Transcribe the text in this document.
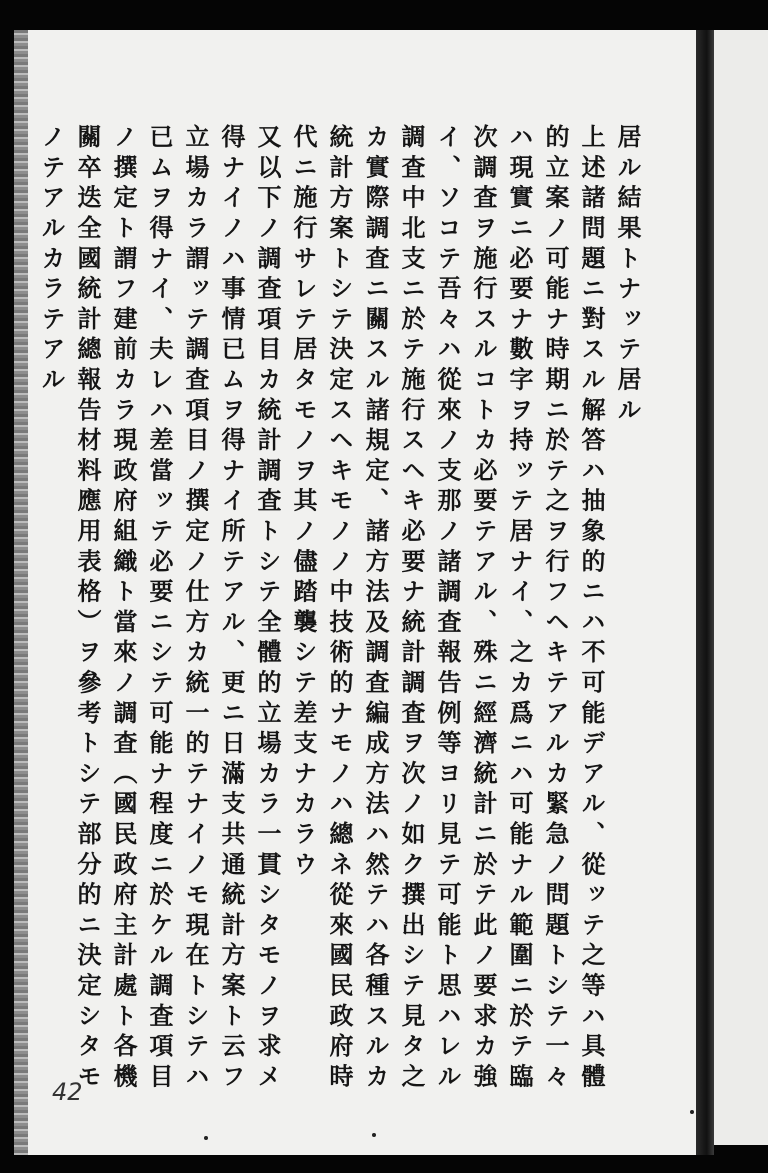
居ル結果トナッテ居ル
上述諸問題ニ對スル解答ハ抽象的ニハ不可能デアル、從ッテ之等ハ具體
的立案ノ可能ナ時期ニ於テ之ヲ行フヘキテアルカ緊急ノ問題トシテ一々
ハ現實ニ必要ナ數字ヲ持ッテ居ナイ、之カ爲ニハ可能ナル範圍ニ於テ臨
次調査ヲ施行スルコトカ必要テアル、殊ニ經濟統計ニ於テ此ノ要求カ強
イ、ソコテ吾々ハ從來ノ支那ノ諸調査報告例等ヨリ見テ可能ト思ハレル
調査中北支ニ於テ施行スヘキ必要ナ統計調査ヲ次ノ如ク撰出シテ見タ之
カ實際調査ニ關スル諸規定、諸方法及調査編成方法ハ然テハ各種スルカ
統計方案トシテ決定スヘキモノノ中技術的ナモノハ總ネ從來國民政府時
代ニ施行サレテ居タモノヲ其ノ儘踏襲シテ差支ナカラウ
又以下ノ調査項目カ統計調査トシテ全體的立場カラ一貫シタモノヲ求メ
得ナイノハ事情已ムヲ得ナイ所テアル、更ニ日滿支共通統計方案ト云フ
立場カラ謂ッテ調査項目ノ撰定ノ仕方カ統一的テナイノモ現在トシテハ
已ムヲ得ナイ、夫レハ差當ッテ必要ニシテ可能ナ程度ニ於ケル調査項目
ノ撰定ト謂フ建前カラ現政府組織ト當來ノ調査（國民政府主計處ト各機
關卒迭全國統計總報告材料應用表格）ヲ參考トシテ部分的ニ決定シタモ
ノテアルカラテアル
42
